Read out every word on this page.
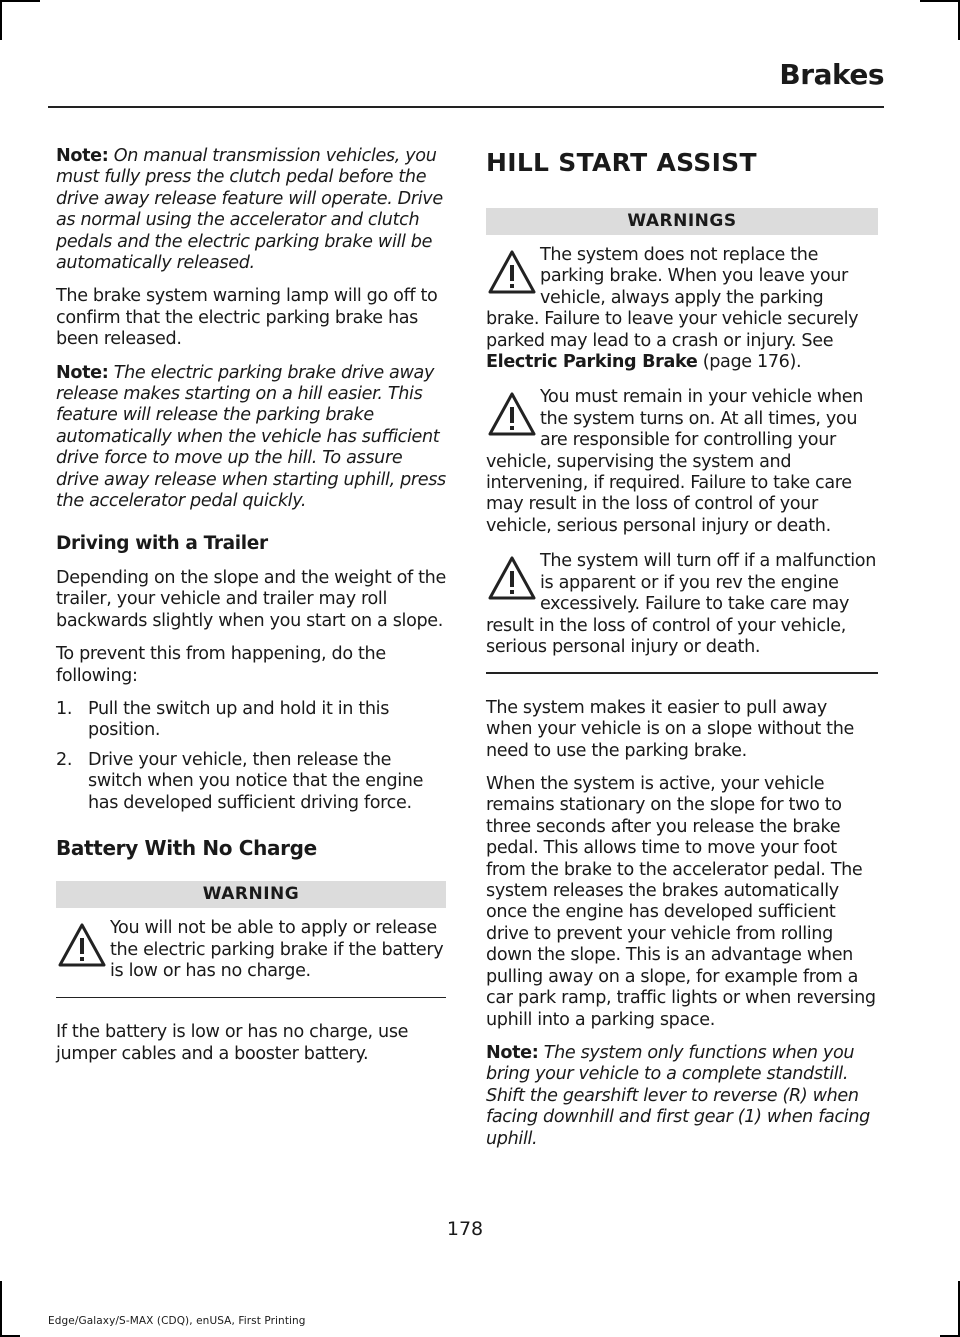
Brakes

Note: On manual transmission vehicles, you must fully press the clutch pedal before the drive away release feature will operate. Drive as normal using the accelerator and clutch pedals and the electric parking brake will be automatically released.

The brake system warning lamp will go off to confirm that the electric parking brake has been released.

Note: The electric parking brake drive away release makes starting on a hill easier. This feature will release the parking brake automatically when the vehicle has sufficient drive force to move up the hill. To assure drive away release when starting uphill, press the accelerator pedal quickly.

Driving with a Trailer

Depending on the slope and the weight of the trailer, your vehicle and trailer may roll backwards slightly when you start on a slope.

To prevent this from happening, do the following:

1. Pull the switch up and hold it in this position.
2. Drive your vehicle, then release the switch when you notice that the engine has developed sufficient driving force.
Battery With No Charge
WARNING
You will not be able to apply or release the electric parking brake if the battery is low or has no charge.

If the battery is low or has no charge, use jumper cables and a booster battery.

HILL START ASSIST
WARNINGS
The system does not replace the parking brake. When you leave your vehicle, always apply the parking brake. Failure to leave your vehicle securely parked may lead to a crash or injury. See Electric Parking Brake (page 176).
You must remain in your vehicle when the system turns on. At all times, you are responsible for controlling your vehicle, supervising the system and intervening, if required. Failure to take care may result in the loss of control of your vehicle, serious personal injury or death.
The system will turn off if a malfunction is apparent or if you rev the engine excessively. Failure to take care may result in the loss of control of your vehicle, serious personal injury or death.

The system makes it easier to pull away when your vehicle is on a slope without the need to use the parking brake.

When the system is active, your vehicle remains stationary on the slope for two to three seconds after you release the brake pedal. This allows time to move your foot from the brake to the accelerator pedal. The system releases the brakes automatically once the engine has developed sufficient drive to prevent your vehicle from rolling down the slope. This is an advantage when pulling away on a slope, for example from a car park ramp, traffic lights or when reversing uphill into a parking space.

Note: The system only functions when you bring your vehicle to a complete standstill. Shift the gearshift lever to reverse (R) when facing downhill and first gear (1) when facing uphill.

178
Edge/Galaxy/S-MAX (CDQ), enUSA, First Printing
